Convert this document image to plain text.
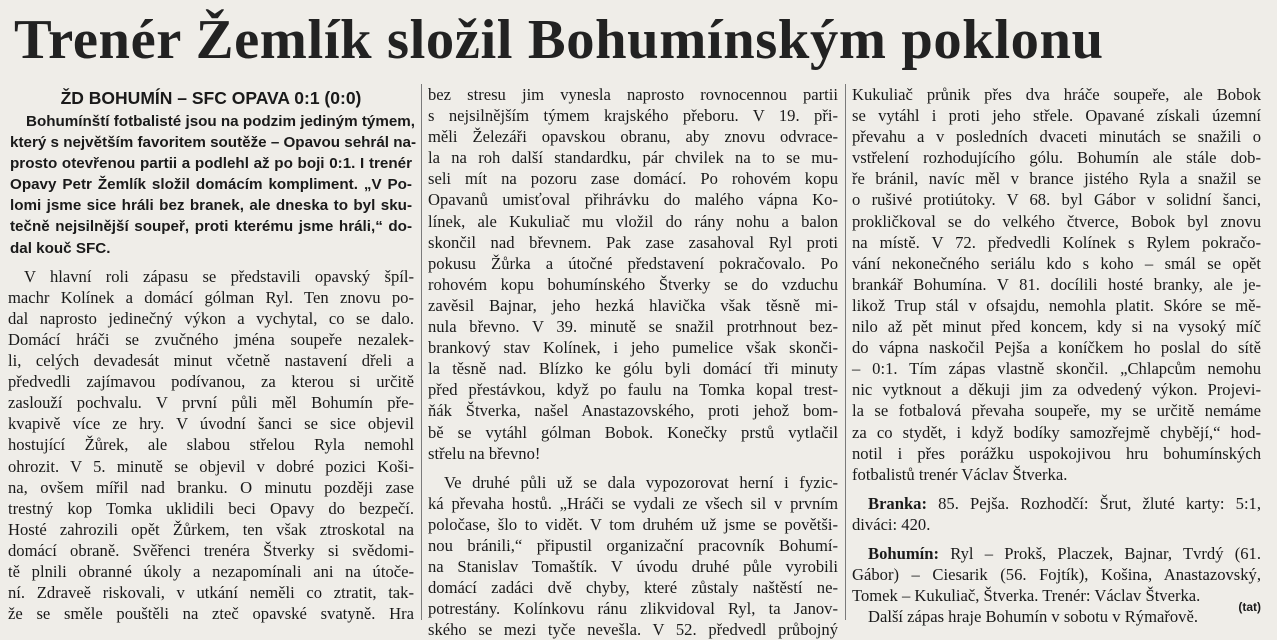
Trenér Žemlík složil Bohumínským poklonu
ŽD BOHUMÍN – SFC OPAVA 0:1 (0:0)
Bohumínští fotbalisté jsou na podzim jediným týmem,
který s největším favoritem soutěže – Opavou sehrál na-
prosto otevřenou partii a podlehl až po boji 0:1. I trenér
Opavy Petr Žemlík složil domácím kompliment. „V Po-
lomi jsme sice hráli bez branek, ale dneska to byl sku-
tečně nejsilnější soupeř, proti kterému jsme hráli,“ do-
dal kouč SFC.
V hlavní roli zápasu se představili opavský špíl-
machr Kolínek a domácí gólman Ryl. Ten znovu po-
dal naprosto jedinečný výkon a vychytal, co se dalo.
Domácí hráči se zvučného jména soupeře nezalek-
li, celých devadesát minut včetně nastavení dřeli a
předvedli zajímavou podívanou, za kterou si určitě
zaslouží pochvalu. V první půli měl Bohumín pře-
kvapivě více ze hry. V úvodní šanci se sice objevil
hostující Žůrek, ale slabou střelou Ryla nemohl
ohrozit. V 5. minutě se objevil v dobré pozici Koši-
na, ovšem mířil nad branku. O minutu později zase
trestný kop Tomka uklidili beci Opavy do bezpečí.
Hosté zahrozili opět Žůrkem, ten však ztroskotal na
domácí obraně. Svěřenci trenéra Štverky si svědomi-
tě plnili obranné úkoly a nezapomínali ani na útoče-
ní. Zdraveě riskovali, v utkání neměli co ztratit, tak-
že se směle pouštěli na zteč opavské svatyně. Hra
bez stresu jim vynesla naprosto rovnocennou partii
s nejsilnějším týmem krajského přeboru. V 19. při-
měli Železáři opavskou obranu, aby znovu odvrace-
la na roh další standardku, pár chvilek na to se mu-
seli mít na pozoru zase domácí. Po rohovém kopu
Opavanů umisťoval přihrávku do malého vápna Ko-
línek, ale Kukuliač mu vložil do rány nohu a balon
skončil nad břevnem. Pak zase zasahoval Ryl proti
pokusu Žůrka a útočné představení pokračovalo. Po
rohovém kopu bohumínského Štverky se do vzduchu
zavěsil Bajnar, jeho hezká hlavička však těsně mi-
nula břevno. V 39. minutě se snažil protrhnout bez-
brankový stav Kolínek, i jeho pumelice však skonči-
la těsně nad. Blízko ke gólu byli domácí tři minuty
před přestávkou, když po faulu na Tomka kopal trest-
ňák Štverka, našel Anastazovského, proti jehož bom-
bě se vytáhl gólman Bobok. Konečky prstů vytlačil
střelu na břevno!
Ve druhé půli už se dala vypozorovat herní i fyzic-
ká převaha hostů. „Hráči se vydali ze všech sil v prvním
poločase, šlo to vidět. V tom druhém už jsme se povětši-
nou bránili,“ připustil organizační pracovník Bohumí-
na Stanislav Tomaštík. V úvodu druhé půle vyrobili
domácí zadáci dvě chyby, které zůstaly naštěstí ne-
potrestány. Kolínkovu ránu zlikvidoval Ryl, ta Janov-
ského se mezi tyče nevešla. V 52. předvedl průbojný
Kukuliač průnik přes dva hráče soupeře, ale Bobok
se vytáhl i proti jeho střele. Opavané získali územní
převahu a v posledních dvaceti minutách se snažili o
vstřelení rozhodujícího gólu. Bohumín ale stále dob-
ře bránil, navíc měl v brance jistého Ryla a snažil se
o rušivé protiútoky. V 68. byl Gábor v solidní šanci,
prokličkoval se do velkého čtverce, Bobok byl znovu
na místě. V 72. předvedli Kolínek s Rylem pokračo-
vání nekonečného seriálu kdo s koho – smál se opět
brankář Bohumína. V 81. docílili hosté branky, ale je-
likož Trup stál v ofsajdu, nemohla platit. Skóre se mě-
nilo až pět minut před koncem, kdy si na vysoký míč
do vápna naskočil Pejša a koníčkem ho poslal do sítě
– 0:1. Tím zápas vlastně skončil. „Chlapcům nemohu
nic vytknout a děkuji jim za odvedený výkon. Projevi-
la se fotbalová převaha soupeře, my se určitě nemáme
za co stydět, i když bodíky samozřejmě chybějí,“ hod-
notil i přes porážku uspokojivou hru bohumínských
fotbalistů trenér Václav Štverka.
Branka: 85. Pejša. Rozhodčí: Šrut, žluté karty: 5:1,
diváci: 420.
Bohumín: Ryl – Prokš, Placzek, Bajnar, Tvrdý (61.
Gábor) – Ciesarik (56. Fojtík), Košina, Anastazovský,
Tomek – Kukuliač, Štverka. Trenér: Václav Štverka.
Další zápas hraje Bohumín v sobotu v Rýmařově.
(tat)
